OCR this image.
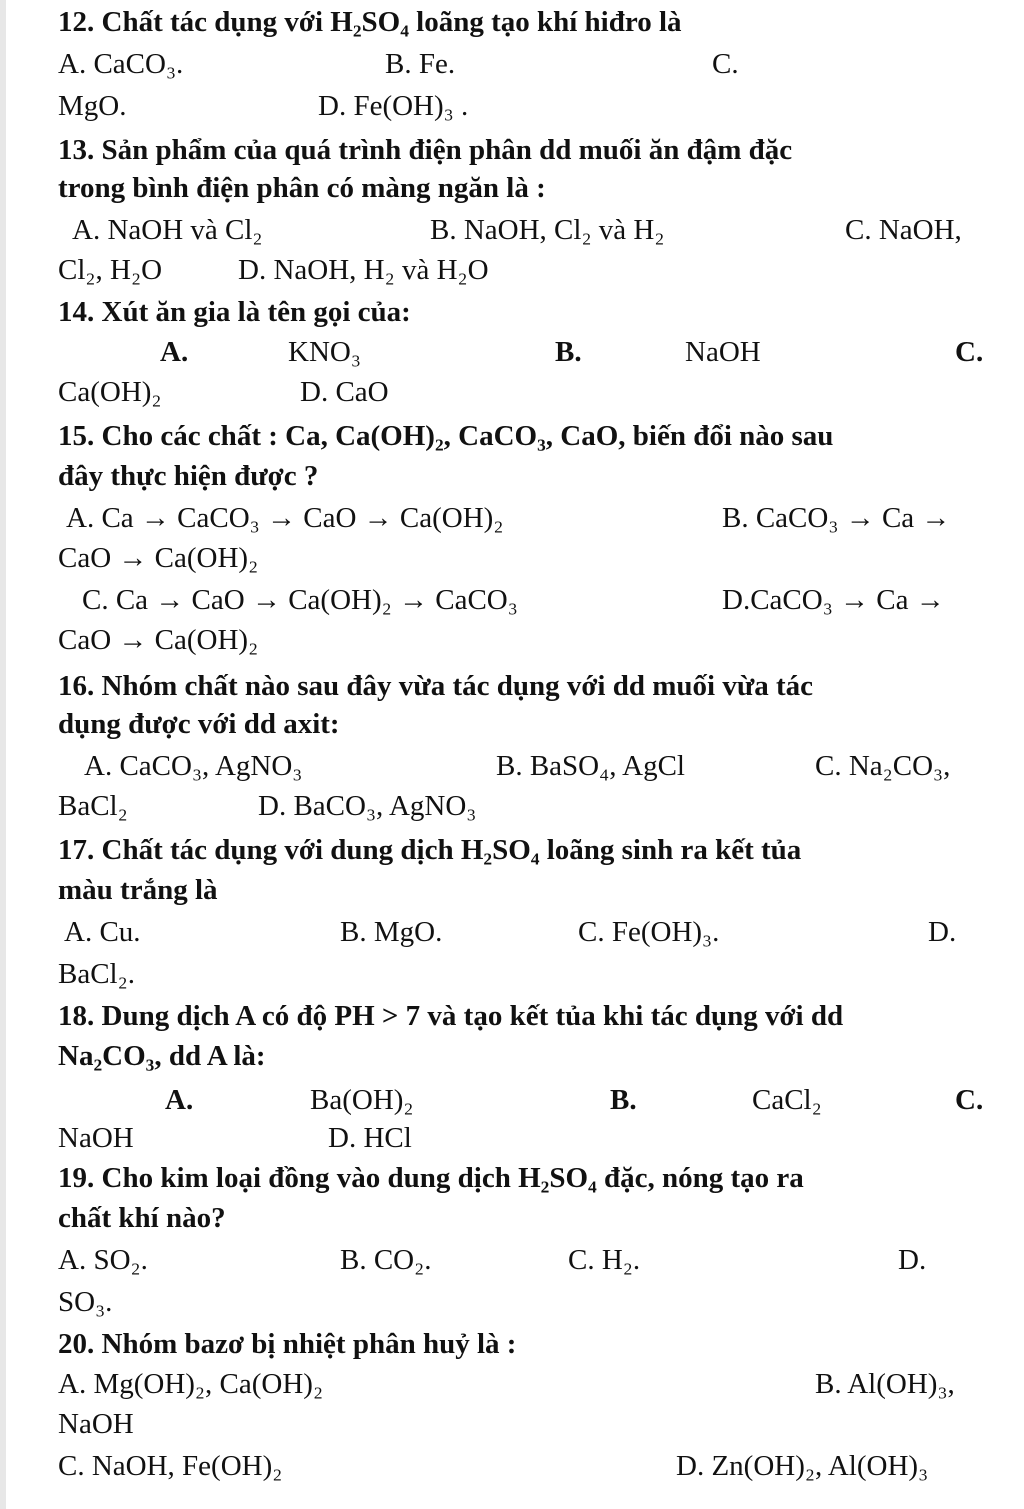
12. Chất tác dụng với H₂SO₄ loãng tạo khí hiđro là
A. CaCO₃.	B. Fe.	C.
MgO.	D. Fe(OH)₃ .
13. Sản phẩm của quá trình điện phân dd muối ăn đậm đặc
trong bình điện phân có màng ngăn là :
A. NaOH và Cl₂	B. NaOH, Cl₂ và H₂	C. NaOH,
Cl₂, H₂O	D. NaOH, H₂ và H₂O
14. Xút ăn gia là tên gọi của:
A.	KNO₃	B.	NaOH	C.
Ca(OH)₂	D. CaO
15. Cho các chất : Ca, Ca(OH)₂, CaCO₃, CaO, biến đổi nào sau
đây thực hiện được ?
A. Ca → CaCO₃ → CaO → Ca(OH)₂	B. CaCO₃ → Ca →
CaO → Ca(OH)₂
C. Ca → CaO → Ca(OH)₂ → CaCO₃	D.CaCO₃ → Ca →
CaO → Ca(OH)₂
16. Nhóm chất nào sau đây vừa tác dụng với dd muối vừa tác
dụng được với dd axit:
A. CaCO₃, AgNO₃	B. BaSO₄, AgCl	C. Na₂CO₃,
BaCl₂	D. BaCO₃, AgNO₃
17. Chất tác dụng với dung dịch H₂SO₄ loãng sinh ra kết tủa
màu trắng là
A. Cu.	B. MgO.	C. Fe(OH)₃.	D.
BaCl₂.
18. Dung dịch A có độ PH > 7 và tạo kết tủa khi tác dụng với dd
Na₂CO₃, dd A là:
A.	Ba(OH)₂	B.	CaCl₂	C.
NaOH	D. HCl
19. Cho kim loại đồng vào dung dịch H₂SO₄ đặc, nóng tạo ra
chất khí nào?
A. SO₂.	B. CO₂.	C. H₂.	D.
SO₃.
20. Nhóm bazơ bị nhiệt phân huỷ là :
A. Mg(OH)₂, Ca(OH)₂	B. Al(OH)₃,
NaOH
C. NaOH, Fe(OH)₂	D. Zn(OH)₂, Al(OH)₃
